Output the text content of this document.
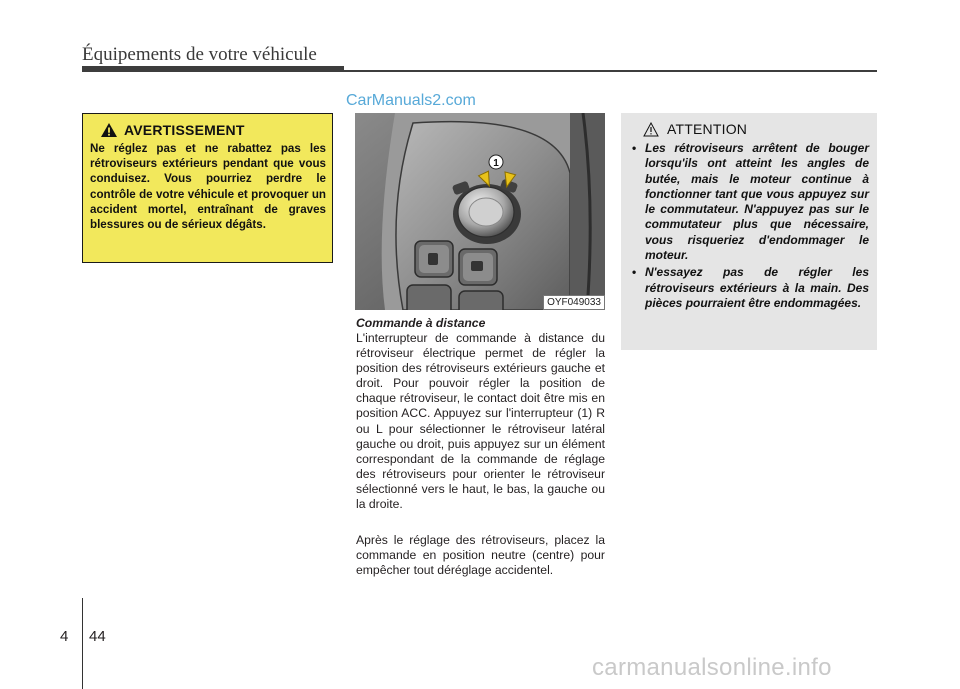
Équipements de votre véhicule
CarManuals2.com
AVERTISSEMENT
Ne réglez pas et ne rabattez pas les rétroviseurs extérieurs pendant que vous conduisez. Vous pourriez perdre le contrôle de votre véhicule et provoquer un accident mortel, entraînant de graves blessures ou de sérieux dégâts.
1
OYF049033
Commande à distance

L'interrupteur de commande à distance du rétroviseur électrique permet de régler la position des rétroviseurs extérieurs gauche et droit. Pour pouvoir régler la position de chaque rétroviseur, le contact doit être mis en position ACC. Appuyez sur l'interrupteur (1) R ou L pour sélectionner le rétroviseur latéral gauche ou droit, puis appuyez sur un élément correspondant de la commande de réglage des rétroviseurs pour orienter le rétroviseur sélectionné vers le haut, le bas, la gauche ou la droite.

Après le réglage des rétroviseurs, placez la commande en position neutre (centre) pour empêcher tout déréglage accidentel.

ATTENTION
• Les rétroviseurs arrêtent de bouger lorsqu'ils ont atteint les angles de butée, mais le moteur continue à fonctionner tant que vous appuyez sur le commutateur. N'appuyez pas sur le commutateur plus que nécessaire, vous risqueriez d'endommager le moteur.
• N'essayez pas de régler les rétroviseurs extérieurs à la main. Des pièces pourraient être endommagées.
4 44
carmanualsonline.info
